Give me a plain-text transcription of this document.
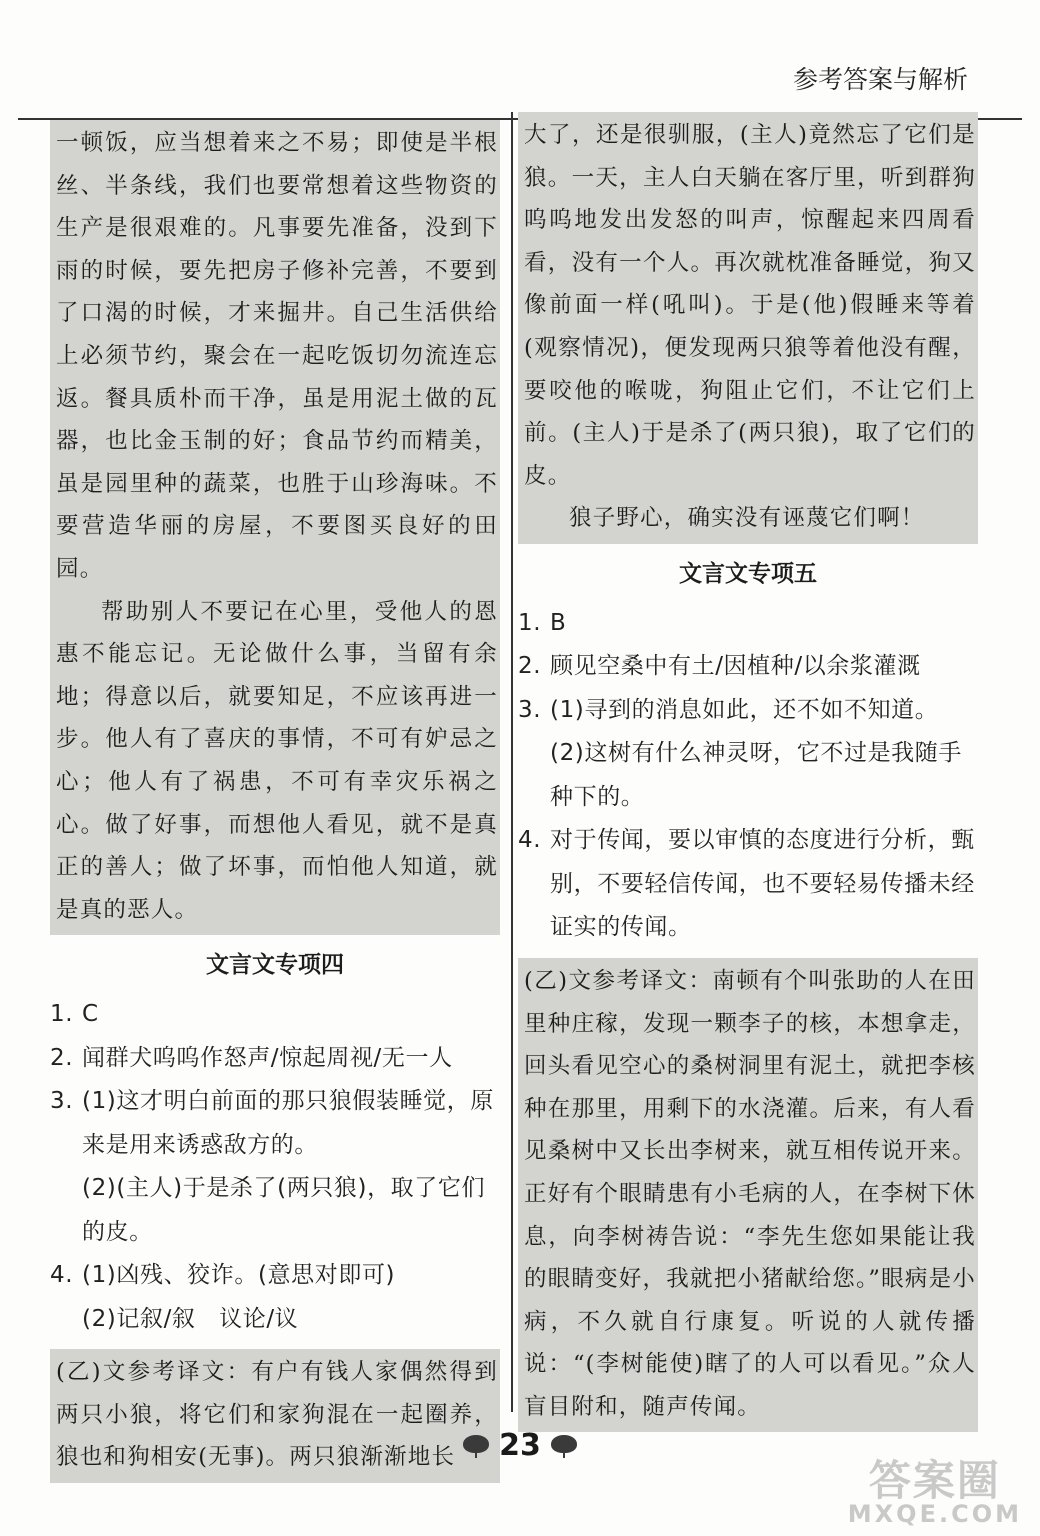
参考答案与解析

一顿饭，应当想着来之不易；即使是半根丝、半条线，我们也要常想着这些物资的生产是很艰难的。凡事要先准备，没到下雨的时候，要先把房子修补完善，不要到了口渴的时候，才来掘井。自己生活供给上必须节约，聚会在一起吃饭切勿流连忘返。餐具质朴而干净，虽是用泥土做的瓦器，也比金玉制的好；食品节约而精美，虽是园里种的蔬菜，也胜于山珍海味。不要营造华丽的房屋，不要图买良好的田园。

帮助别人不要记在心里，受他人的恩惠不能忘记。无论做什么事，当留有余地；得意以后，就要知足，不应该再进一步。他人有了喜庆的事情，不可有妒忌之心；他人有了祸患，不可有幸灾乐祸之心。做了好事，而想他人看见，就不是真正的善人；做了坏事，而怕他人知道，就是真的恶人。

文言文专项四
1. C
2. 闻群犬呜呜作怒声/惊起周视/无一人
3. (1)这才明白前面的那只狼假装睡觉，原来是用来诱惑敌方的。
(2)(主人)于是杀了(两只狼)，取了它们的皮。
4. (1)凶残、狡诈。(意思对即可)
(2)记叙/叙　议论/议

(乙)文参考译文：有户有钱人家偶然得到两只小狼，将它们和家狗混在一起圈养，狼也和狗相安(无事)。两只狼渐渐地长

大了，还是很驯服，(主人)竟然忘了它们是狼。一天，主人白天躺在客厅里，听到群狗呜呜地发出发怒的叫声，惊醒起来四周看看，没有一个人。再次就枕准备睡觉，狗又像前面一样(吼叫)。于是(他)假睡来等着(观察情况)，便发现两只狼等着他没有醒，要咬他的喉咙，狗阻止它们，不让它们上前。(主人)于是杀了(两只狼)，取了它们的皮。

狼子野心，确实没有诬蔑它们啊！

文言文专项五
1. B
2. 顾见空桑中有土/因植种/以余浆灌溉
3. (1)寻到的消息如此，还不如不知道。
(2)这树有什么神灵呀，它不过是我随手种下的。
4. 对于传闻，要以审慎的态度进行分析，甄别，不要轻信传闻，也不要轻易传播未经证实的传闻。

(乙)文参考译文：南顿有个叫张助的人在田里种庄稼，发现一颗李子的核，本想拿走，回头看见空心的桑树洞里有泥土，就把李核种在那里，用剩下的水浇灌。后来，有人看见桑树中又长出李树来，就互相传说开来。正好有个眼睛患有小毛病的人，在李树下休息，向李树祷告说：“李先生您如果能让我的眼睛变好，我就把小猪献给您。”眼病是小病，不久就自行康复。听说的人就传播说：“(李树能使)瞎了的人可以看见。”众人盲目附和，随声传闻。

23
答案圈
MXQE.COM
